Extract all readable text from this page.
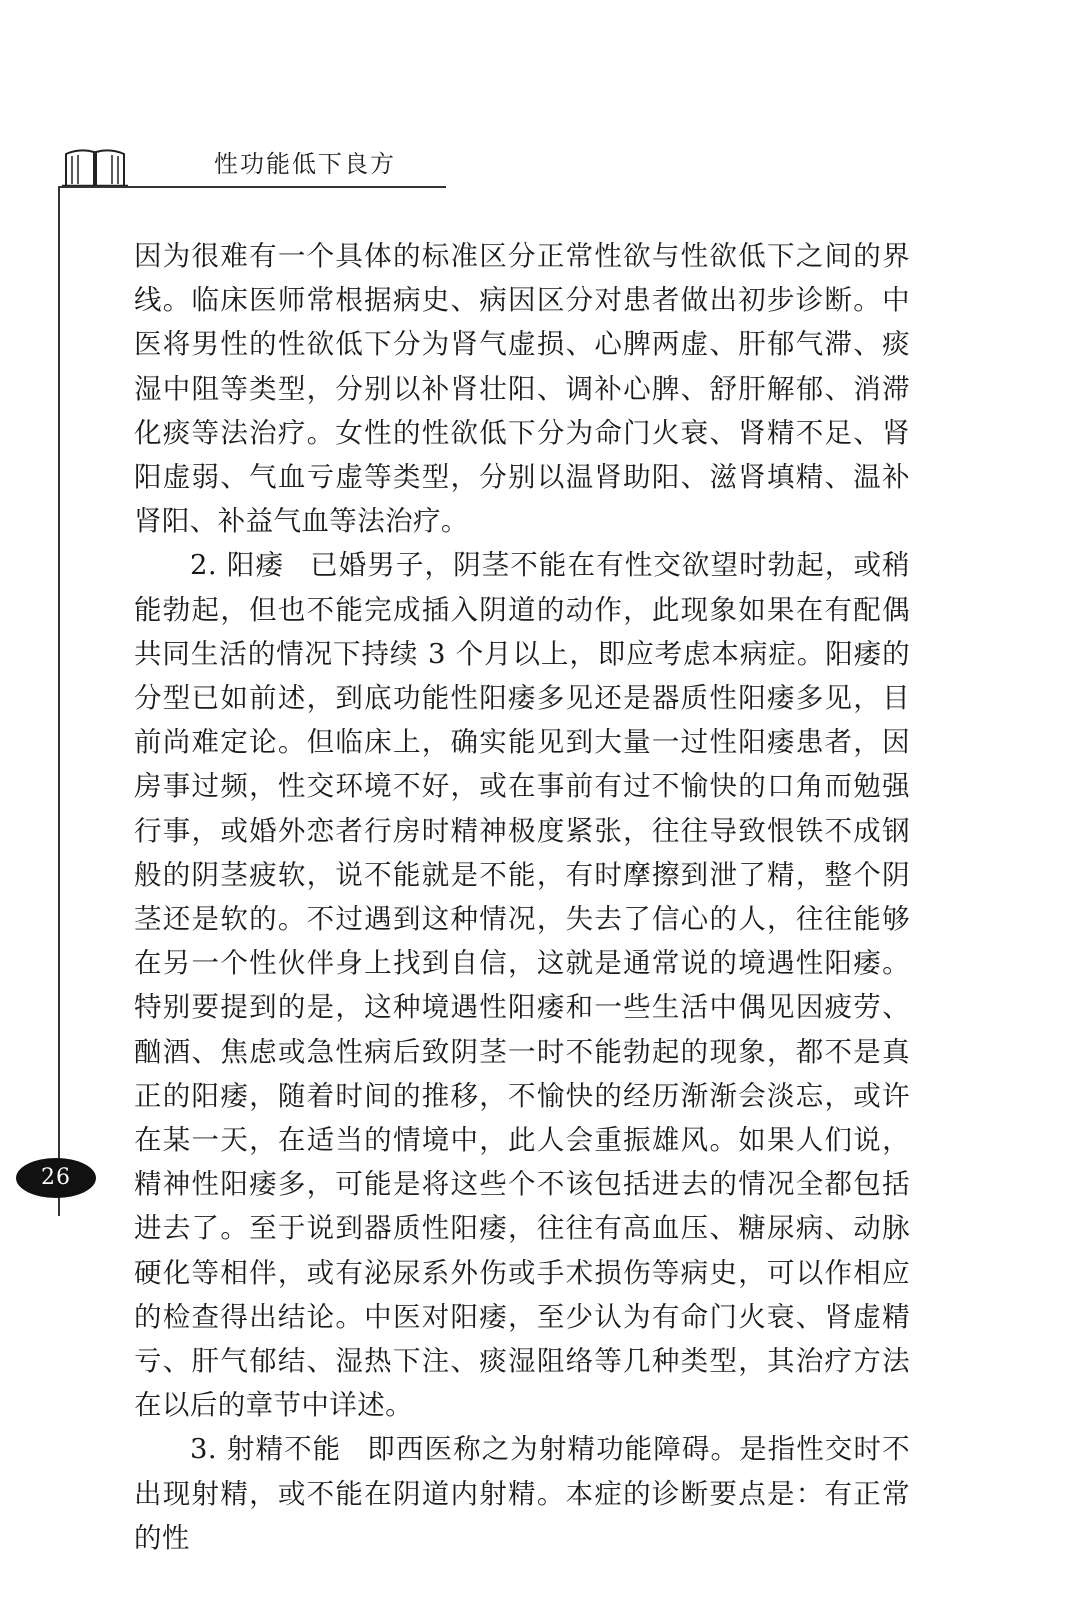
性功能低下良方
26

因为很难有一个具体的标准区分正常性欲与性欲低下之间的界线。临床医师常根据病史、病因区分对患者做出初步诊断。中医将男性的性欲低下分为肾气虚损、心脾两虚、肝郁气滞、痰湿中阻等类型，分别以补肾壮阳、调补心脾、舒肝解郁、消滞化痰等法治疗。女性的性欲低下分为命门火衰、肾精不足、肾阳虚弱、气血亏虚等类型，分别以温肾助阳、滋肾填精、温补肾阳、补益气血等法治疗。

2. 阳痿 已婚男子，阴茎不能在有性交欲望时勃起，或稍能勃起，但也不能完成插入阴道的动作，此现象如果在有配偶共同生活的情况下持续 3 个月以上，即应考虑本病症。阳痿的分型已如前述，到底功能性阳痿多见还是器质性阳痿多见，目前尚难定论。但临床上，确实能见到大量一过性阳痿患者，因房事过频，性交环境不好，或在事前有过不愉快的口角而勉强行事，或婚外恋者行房时精神极度紧张，往往导致恨铁不成钢般的阴茎疲软，说不能就是不能，有时摩擦到泄了精，整个阴茎还是软的。不过遇到这种情况，失去了信心的人，往往能够在另一个性伙伴身上找到自信，这就是通常说的境遇性阳痿。特别要提到的是，这种境遇性阳痿和一些生活中偶见因疲劳、酗酒、焦虑或急性病后致阴茎一时不能勃起的现象，都不是真正的阳痿，随着时间的推移，不愉快的经历渐渐会淡忘，或许在某一天，在适当的情境中，此人会重振雄风。如果人们说，精神性阳痿多，可能是将这些个不该包括进去的情况全都包括进去了。至于说到器质性阳痿，往往有高血压、糖尿病、动脉硬化等相伴，或有泌尿系外伤或手术损伤等病史，可以作相应的检查得出结论。中医对阳痿，至少认为有命门火衰、肾虚精亏、肝气郁结、湿热下注、痰湿阻络等几种类型，其治疗方法在以后的章节中详述。

3. 射精不能 即西医称之为射精功能障碍。是指性交时不出现射精，或不能在阴道内射精。本症的诊断要点是：有正常的性
